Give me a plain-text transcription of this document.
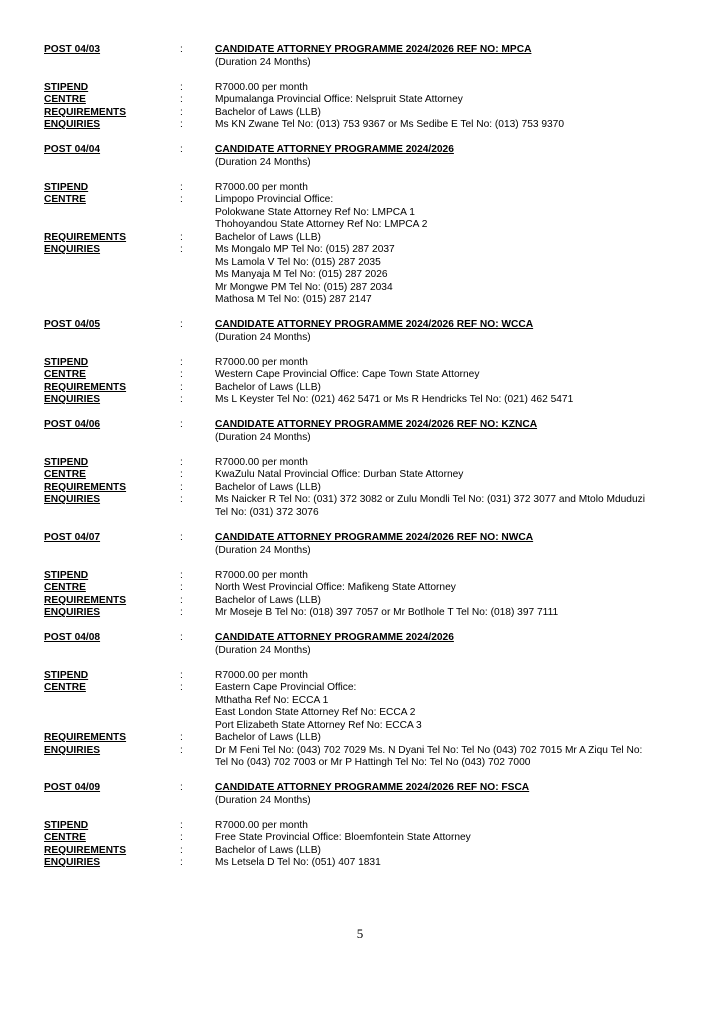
POST 04/03	:	CANDIDATE ATTORNEY PROGRAMME 2024/2026 REF NO: MPCA
(Duration 24 Months)
STIPEND	:	R7000.00 per month
CENTRE	:	Mpumalanga Provincial Office: Nelspruit State Attorney
REQUIREMENTS	:	Bachelor of Laws (LLB)
ENQUIRIES	:	Ms KN Zwane Tel No: (013) 753 9367 or Ms Sedibe E Tel No: (013) 753 9370
POST 04/04	:	CANDIDATE ATTORNEY PROGRAMME 2024/2026
(Duration 24 Months)
STIPEND	:	R7000.00 per month
CENTRE	:	Limpopo Provincial Office:
Polokwane State Attorney Ref No: LMPCA 1
Thohoyandou State Attorney Ref No: LMPCA 2
REQUIREMENTS	:	Bachelor of Laws (LLB)
ENQUIRIES	:	Ms Mongalo MP Tel No: (015) 287 2037
Ms Lamola V Tel No: (015) 287 2035
Ms Manyaja M Tel No: (015) 287 2026
Mr Mongwe PM Tel No: (015) 287 2034
Mathosa M Tel No: (015) 287 2147
POST 04/05	:	CANDIDATE ATTORNEY PROGRAMME 2024/2026 REF NO: WCCA
(Duration 24 Months)
STIPEND	:	R7000.00 per month
CENTRE	:	Western Cape Provincial Office: Cape Town State Attorney
REQUIREMENTS	:	Bachelor of Laws (LLB)
ENQUIRIES	:	Ms L Keyster Tel No: (021) 462 5471 or Ms R Hendricks Tel No: (021) 462 5471
POST 04/06	:	CANDIDATE ATTORNEY PROGRAMME 2024/2026 REF NO: KZNCA
(Duration 24 Months)
STIPEND	:	R7000.00 per month
CENTRE	:	KwaZulu Natal Provincial Office: Durban State Attorney
REQUIREMENTS	:	Bachelor of Laws (LLB)
ENQUIRIES	:	Ms Naicker R Tel No: (031) 372 3082 or Zulu Mondli Tel No: (031) 372 3077 and Mtolo Mduduzi
Tel No: (031) 372 3076
POST 04/07	:	CANDIDATE ATTORNEY PROGRAMME 2024/2026 REF NO: NWCA
(Duration 24 Months)
STIPEND	:	R7000.00 per month
CENTRE	:	North West Provincial Office: Mafikeng State Attorney
REQUIREMENTS	:	Bachelor of Laws (LLB)
ENQUIRIES	:	Mr Moseje B Tel No: (018) 397 7057 or Mr Botlhole T Tel No: (018) 397 7111
POST 04/08	:	CANDIDATE ATTORNEY PROGRAMME 2024/2026
(Duration 24 Months)
STIPEND	:	R7000.00 per month
CENTRE	:	Eastern Cape Provincial Office:
Mthatha Ref No: ECCA 1
East London State Attorney Ref No: ECCA 2
Port Elizabeth State Attorney Ref No: ECCA 3
REQUIREMENTS	:	Bachelor of Laws (LLB)
ENQUIRIES	:	Dr M Feni Tel No: (043) 702 7029 Ms. N Dyani Tel No: Tel No (043) 702 7015 Mr A Ziqu Tel No:
Tel No (043) 702 7003 or Mr P Hattingh Tel No: Tel No (043) 702 7000
POST 04/09	:	CANDIDATE ATTORNEY PROGRAMME 2024/2026 REF NO: FSCA
(Duration 24 Months)
STIPEND	:	R7000.00 per month
CENTRE	:	Free State Provincial Office: Bloemfontein State Attorney
REQUIREMENTS	:	Bachelor of Laws (LLB)
ENQUIRIES	:	Ms Letsela D Tel No: (051) 407 1831
5
